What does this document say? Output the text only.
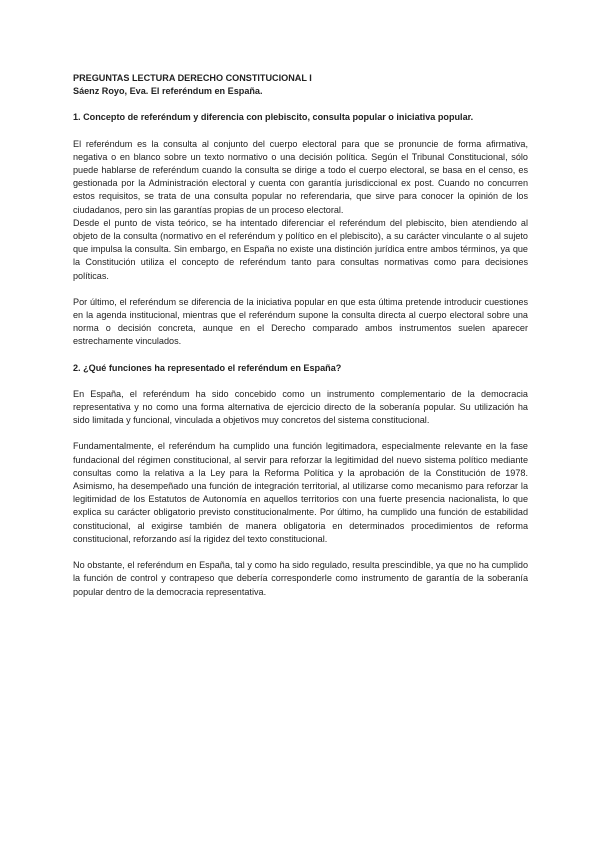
PREGUNTAS LECTURA DERECHO CONSTITUCIONAL I

Sáenz Royo, Eva. El referéndum en España.

1. Concepto de referéndum y diferencia con plebiscito, consulta popular o iniciativa popular.

El referéndum es la consulta al conjunto del cuerpo electoral para que se pronuncie de forma afirmativa, negativa o en blanco sobre un texto normativo o una decisión política. Según el Tribunal Constitucional, sólo puede hablarse de referéndum cuando la consulta se dirige a todo el cuerpo electoral, se basa en el censo, es gestionada por la Administración electoral y cuenta con garantía jurisdiccional ex post. Cuando no concurren estos requisitos, se trata de una consulta popular no referendaria, que sirve para conocer la opinión de los ciudadanos, pero sin las garantías propias de un proceso electoral.

Desde el punto de vista teórico, se ha intentado diferenciar el referéndum del plebiscito, bien atendiendo al objeto de la consulta (normativo en el referéndum y político en el plebiscito), a su carácter vinculante o al sujeto que impulsa la consulta. Sin embargo, en España no existe una distinción jurídica entre ambos términos, ya que la Constitución utiliza el concepto de referéndum tanto para consultas normativas como para decisiones políticas.

Por último, el referéndum se diferencia de la iniciativa popular en que esta última pretende introducir cuestiones en la agenda institucional, mientras que el referéndum supone la consulta directa al cuerpo electoral sobre una norma o decisión concreta, aunque en el Derecho comparado ambos instrumentos suelen aparecer estrechamente vinculados.

2. ¿Qué funciones ha representado el referéndum en España?

En España, el referéndum ha sido concebido como un instrumento complementario de la democracia representativa y no como una forma alternativa de ejercicio directo de la soberanía popular. Su utilización ha sido limitada y funcional, vinculada a objetivos muy concretos del sistema constitucional.

Fundamentalmente, el referéndum ha cumplido una función legitimadora, especialmente relevante en la fase fundacional del régimen constitucional, al servir para reforzar la legitimidad del nuevo sistema político mediante consultas como la relativa a la Ley para la Reforma Política y la aprobación de la Constitución de 1978. Asimismo, ha desempeñado una función de integración territorial, al utilizarse como mecanismo para reforzar la legitimidad de los Estatutos de Autonomía en aquellos territorios con una fuerte presencia nacionalista, lo que explica su carácter obligatorio previsto constitucionalmente. Por último, ha cumplido una función de estabilidad constitucional, al exigirse también de manera obligatoria en determinados procedimientos de reforma constitucional, reforzando así la rigidez del texto constitucional.

No obstante, el referéndum en España, tal y como ha sido regulado, resulta prescindible, ya que no ha cumplido la función de control y contrapeso que debería corresponderle como instrumento de garantía de la soberanía popular dentro de la democracia representativa.
